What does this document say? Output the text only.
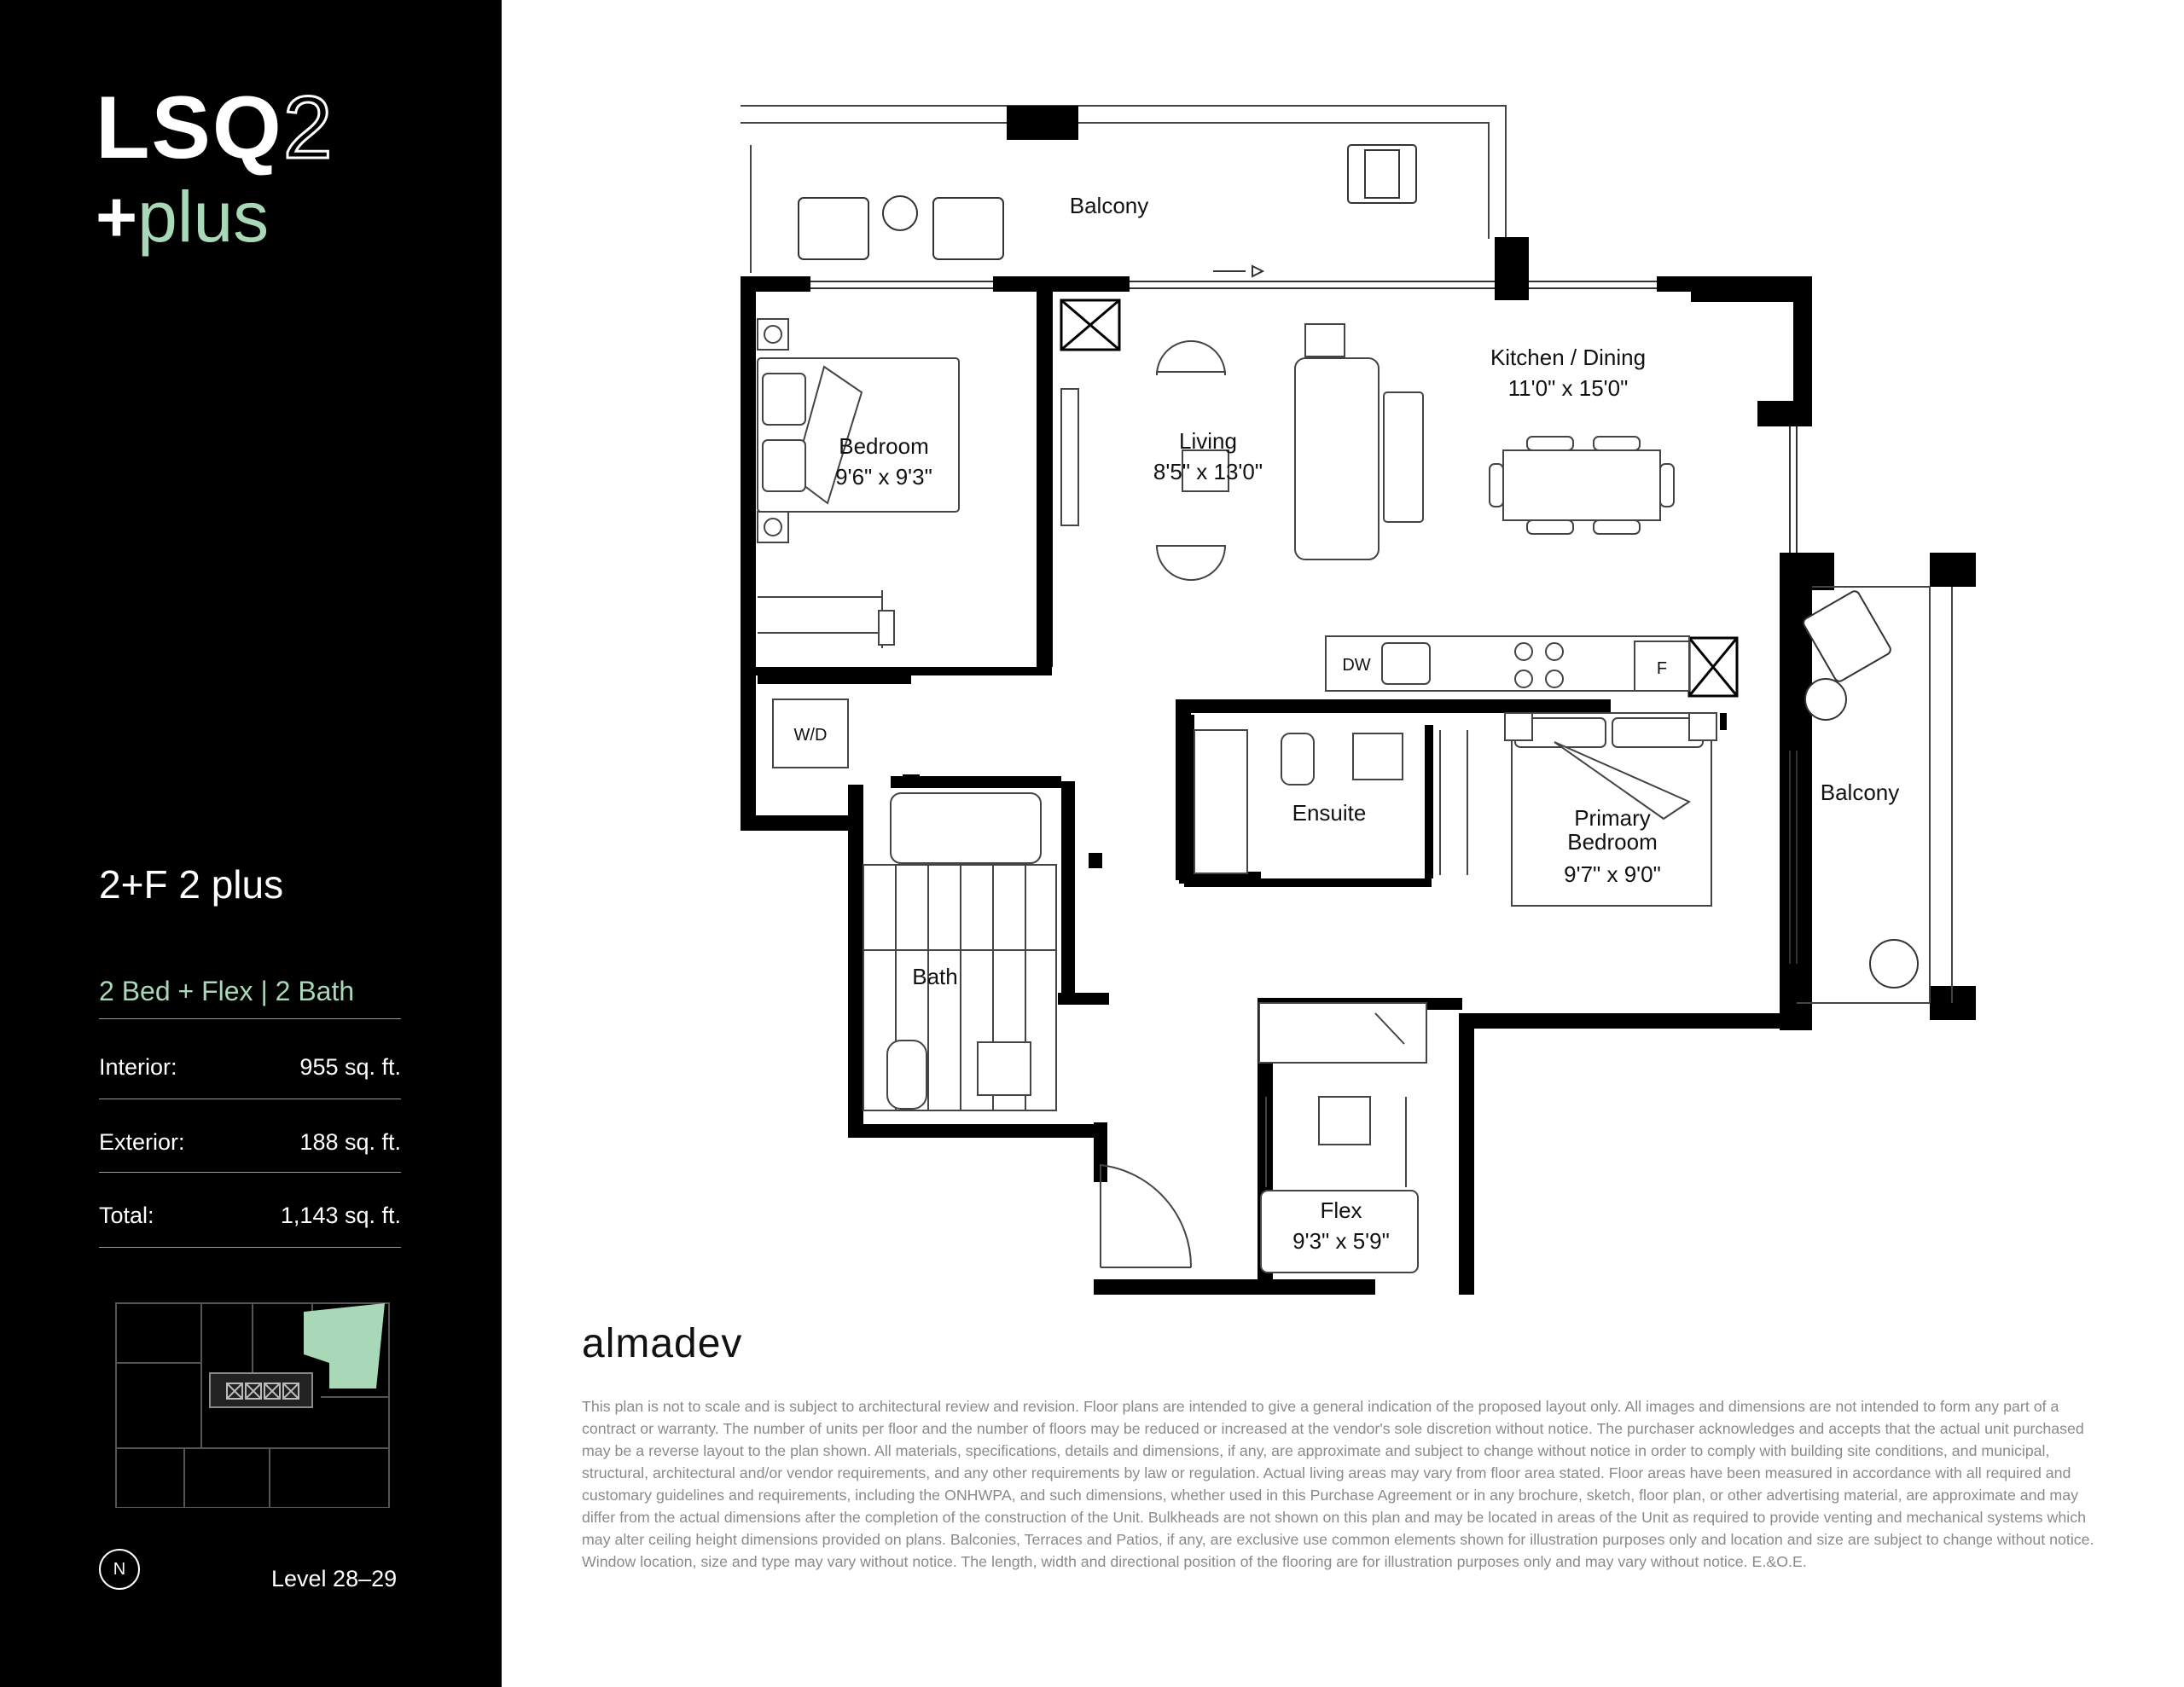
LSQ2
+plus
2+F 2 plus
2 Bed + Flex | 2 Bath
Interior:	955 sq. ft.
Exterior:	188 sq. ft.
Total:	1,143 sq. ft.
N	Level 28–29
W/D
DW	F
Balcony
Kitchen / Dining
11'0" x 15'0"
Living
8'5" x 13'0"
Bedroom
9'6" x 9'3"
Ensuite	Primary
Bedroom
9'7" x 9'0"
Balcony
Bath
Flex
9'3" x 5'9"
almadev
This plan is not to scale and is subject to architectural review and revision. Floor plans are intended to give a general indication of the proposed layout only. All images and dimensions are not intended to form any part of a contract or warranty. The number of units per floor and the number of floors may be reduced or increased at the vendor's sole discretion without notice. The purchaser acknowledges and accepts that the actual unit purchased may be a reverse layout to the plan shown. All materials, specifications, details and dimensions, if any, are approximate and subject to change without notice in order to comply with building site conditions, and municipal, structural, architectural and/or vendor requirements, and any other requirements by law or regulation. Actual living areas may vary from floor area stated. Floor areas have been measured in accordance with all required and customary guidelines and requirements, including the ONHWPA, and such dimensions, whether used in this Purchase Agreement or in any brochure, sketch, floor plan, or other advertising material, are approximate and may differ from the actual dimensions after the completion of the construction of the Unit. Bulkheads are not shown on this plan and may be located in areas of the Unit as required to provide venting and mechanical systems which may alter ceiling height dimensions provided on plans. Balconies, Terraces and Patios, if any, are exclusive use common elements shown for illustration purposes only and location and size are subject to change without notice. Window location, size and type may vary without notice. The length, width and directional position of the flooring are for illustration purposes only and may vary without notice. E.&O.E.
